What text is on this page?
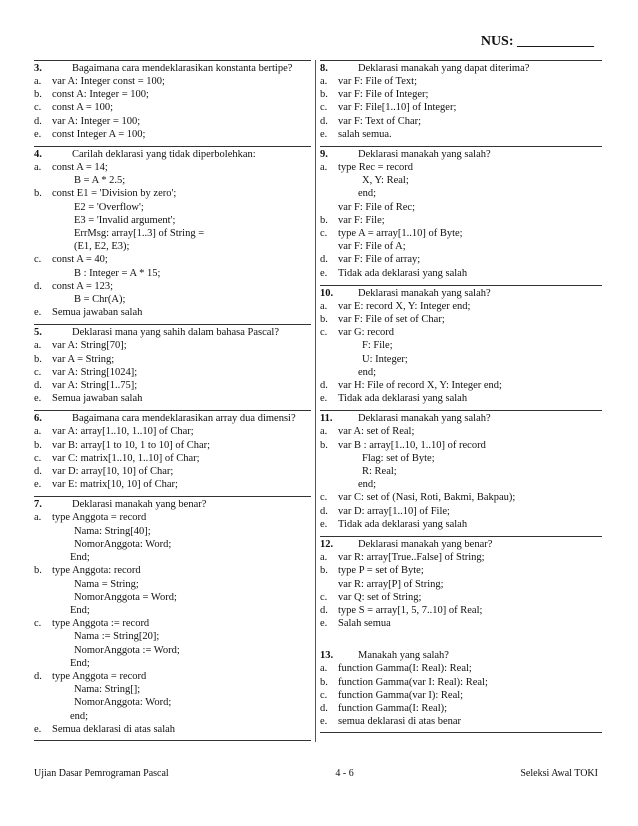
NUS: ___________
3.	Bagaimana cara mendeklarasikan konstanta bertipe?
a.	var A: Integer const = 100;
b. const A: Integer = 100;
c.	const A = 100;
d. var A: Integer = 100;
e.	const Integer A = 100;
4.	Carilah deklarasi yang tidak diperbolehkan:
a.	const A = 14;
B = A * 2.5;
b. const E1 = 'Division by zero';
E2 = 'Overflow';
E3 = 'Invalid argument';
ErrMsg: array[1..3] of String =
(E1, E2, E3);
c.	const A = 40;
B : Integer = A * 15;
d. const A = 123;
B = Chr(A);
e.	Semua jawaban salah
5.	Deklarasi mana yang sahih dalam bahasa Pascal?
a.	var A: String[70];
b. var A = String;
c.	var A: String[1024];
d. var A: String[1..75];
e.	Semua jawaban salah
6.	Bagaimana cara mendeklarasikan array dua dimensi?
a.	var A: array[1..10, 1..10] of Char;
b. var B: array[1 to 10, 1 to 10] of Char;
c.	var C: matrix[1..10, 1..10] of Char;
d. var D: array[10, 10] of Char;
e.	var E: matrix[10, 10] of Char;
7.	Deklarasi manakah yang benar?
a.	type Anggota = record
Nama: String[40];
NomorAnggota: Word;
End;
b. type Anggota: record
Nama = String;
NomorAnggota = Word;
End;
c.	type Anggota := record
Nama := String[20];
NomorAnggota := Word;
End;
d. type Anggota = record
Nama: String[];
NomorAnggota: Word;
end;
e.	Semua deklarasi di atas salah
8.	Deklarasi manakah yang dapat diterima?
a.	var F: File of Text;
b. var F: File of Integer;
c.	var F: File[1..10] of Integer;
d. var F: Text of Char;
e.	salah semua.
9.	Deklarasi manakah yang salah?
a.	type Rec = record
X, Y: Real;
end;
var F: File of Rec;
b. var F: File;
c.	type A = array[1..10] of Byte;
var F: File of A;
d. var F: File of array;
e.	Tidak ada deklarasi yang salah
10.	Deklarasi manakah yang salah?
a.	var E: record X, Y: Integer end;
b. var F: File of set of Char;
c.	var G: record
F: File;
U: Integer;
end;
d. var H: File of record X, Y: Integer end;
e.	Tidak ada deklarasi yang salah
11.	Deklarasi manakah yang salah?
a.	var A: set of Real;
b. var B : array[1..10, 1..10] of record
Flag: set of Byte;
R: Real;
end;
c.	var C: set of (Nasi, Roti, Bakmi, Bakpau);
d. var D: array[1..10] of File;
e.	Tidak ada deklarasi yang salah
12.	Deklarasi manakah yang benar?
a.	var R: array[True..False] of String;
b. type P = set of Byte;
var R: array[P] of String;
c.	var Q: set of String;
d. type S = array[1, 5, 7..10] of Real;
e.	Salah semua
13.	Manakah yang salah?
a.	function Gamma(I: Real): Real;
b. function Gamma(var I: Real): Real;
c.	function Gamma(var I): Real;
d. function Gamma(I: Real);
e.	semua deklarasi di atas benar
Ujian Dasar Pemrograman Pascal	4 - 6	Seleksi Awal TOKI
